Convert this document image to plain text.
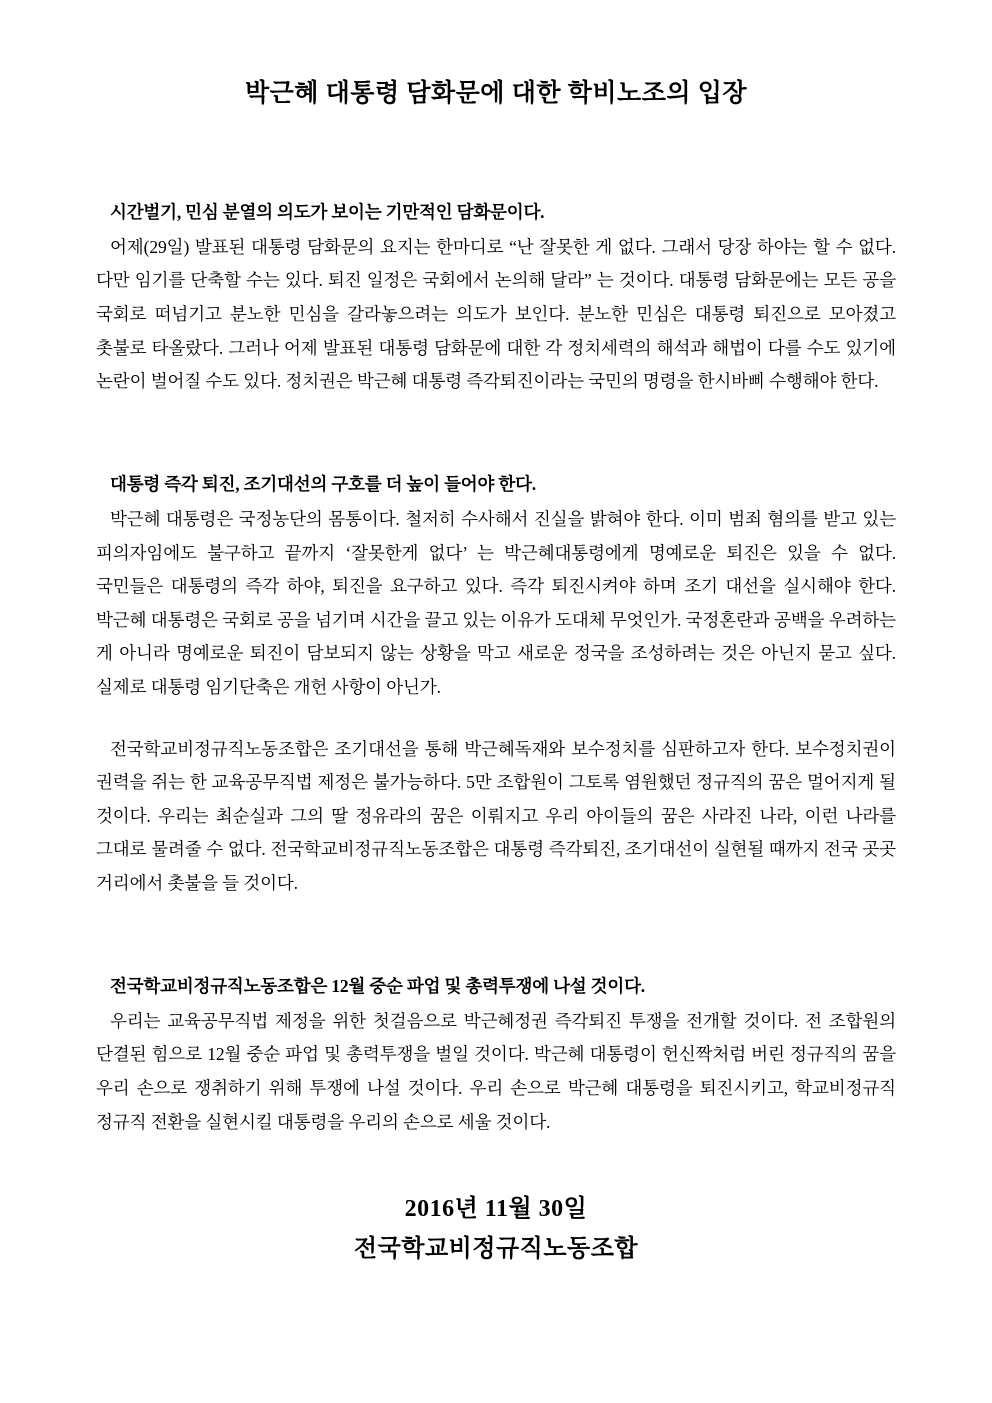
박근혜 대통령 담화문에 대한 학비노조의 입장

시간벌기, 민심 분열의 의도가 보이는 기만적인 담화문이다.

어제(29일) 발표된 대통령 담화문의 요지는 한마디로 “난 잘못한 게 없다. 그래서 당장 하야는 할 수 없다. 다만 임기를 단축할 수는 있다. 퇴진 일정은 국회에서 논의해 달라” 는 것이다. 대통령 담화문에는 모든 공을 국회로 떠넘기고 분노한 민심을 갈라놓으려는 의도가 보인다. 분노한 민심은 대통령 퇴진으로 모아졌고 촛불로 타올랐다. 그러나 어제 발표된 대통령 담화문에 대한 각 정치세력의 해석과 해법이 다를 수도 있기에 논란이 벌어질 수도 있다. 정치권은 박근혜 대통령 즉각퇴진이라는 국민의 명령을 한시바삐 수행해야 한다.

대통령 즉각 퇴진, 조기대선의 구호를 더 높이 들어야 한다.

박근혜 대통령은 국정농단의 몸통이다. 철저히 수사해서 진실을 밝혀야 한다. 이미 범죄 혐의를 받고 있는 피의자임에도 불구하고 끝까지 ‘잘못한게 없다’ 는 박근혜대통령에게 명예로운 퇴진은 있을 수 없다. 국민들은 대통령의 즉각 하야, 퇴진을 요구하고 있다. 즉각 퇴진시켜야 하며 조기 대선을 실시해야 한다. 박근혜 대통령은 국회로 공을 넘기며 시간을 끌고 있는 이유가 도대체 무엇인가. 국정혼란과 공백을 우려하는 게 아니라 명예로운 퇴진이 담보되지 않는 상황을 막고 새로운 정국을 조성하려는 것은 아닌지 묻고 싶다. 실제로 대통령 임기단축은 개헌 사항이 아닌가.

전국학교비정규직노동조합은 조기대선을 통해 박근혜독재와 보수정치를 심판하고자 한다. 보수정치권이 권력을 쥐는 한 교육공무직법 제정은 불가능하다. 5만 조합원이 그토록 염원했던 정규직의 꿈은 멀어지게 될 것이다. 우리는 최순실과 그의 딸 정유라의 꿈은 이뤄지고 우리 아이들의 꿈은 사라진 나라, 이런 나라를 그대로 물려줄 수 없다. 전국학교비정규직노동조합은 대통령 즉각퇴진, 조기대선이 실현될 때까지 전국 곳곳 거리에서 촛불을 들 것이다.

전국학교비정규직노동조합은 12월 중순 파업 및 총력투쟁에 나설 것이다.

우리는 교육공무직법 제정을 위한 첫걸음으로 박근혜정권 즉각퇴진 투쟁을 전개할 것이다. 전 조합원의 단결된 힘으로 12월 중순 파업 및 총력투쟁을 벌일 것이다. 박근혜 대통령이 헌신짝처럼 버린 정규직의 꿈을 우리 손으로 쟁취하기 위해 투쟁에 나설 것이다. 우리 손으로 박근혜 대통령을 퇴진시키고, 학교비정규직 정규직 전환을 실현시킬 대통령을 우리의 손으로 세울 것이다.

2016년 11월 30일

전국학교비정규직노동조합
